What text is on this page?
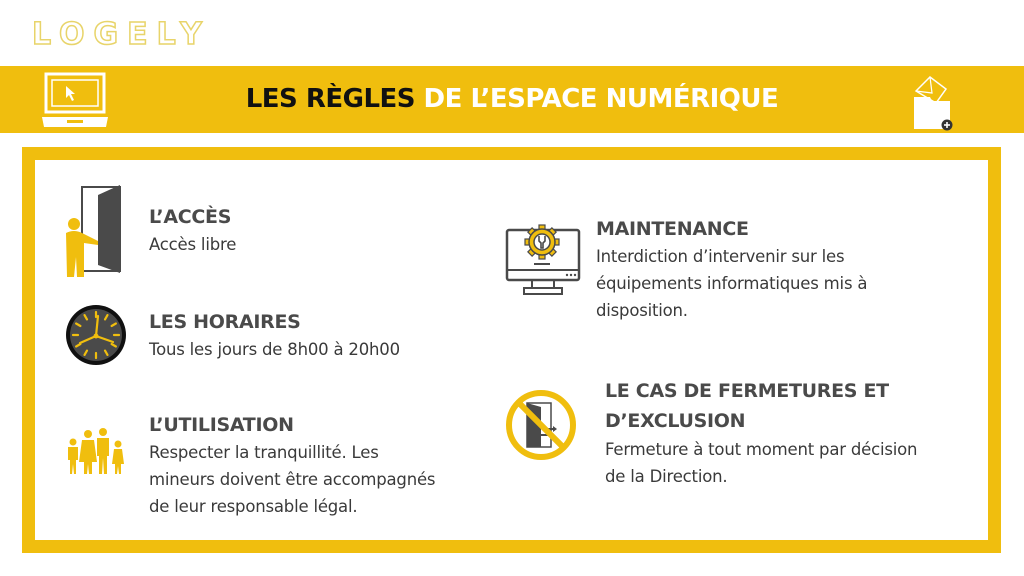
LOGELY
LES RÈGLES DE L’ESPACE NUMÉRIQUE
L’ACCÈS
Accès libre
LES HORAIRES
Tous les jours de 8h00 à 20h00
L’UTILISATION
Respecter la tranquillité. Les
mineurs doivent être accompagnés
de leur responsable légal.
MAINTENANCE
Interdiction d’intervenir sur les
équipements informatiques mis à
disposition.
LE CAS DE FERMETURES ET
D’EXCLUSION
Fermeture à tout moment par décision
de la Direction.
